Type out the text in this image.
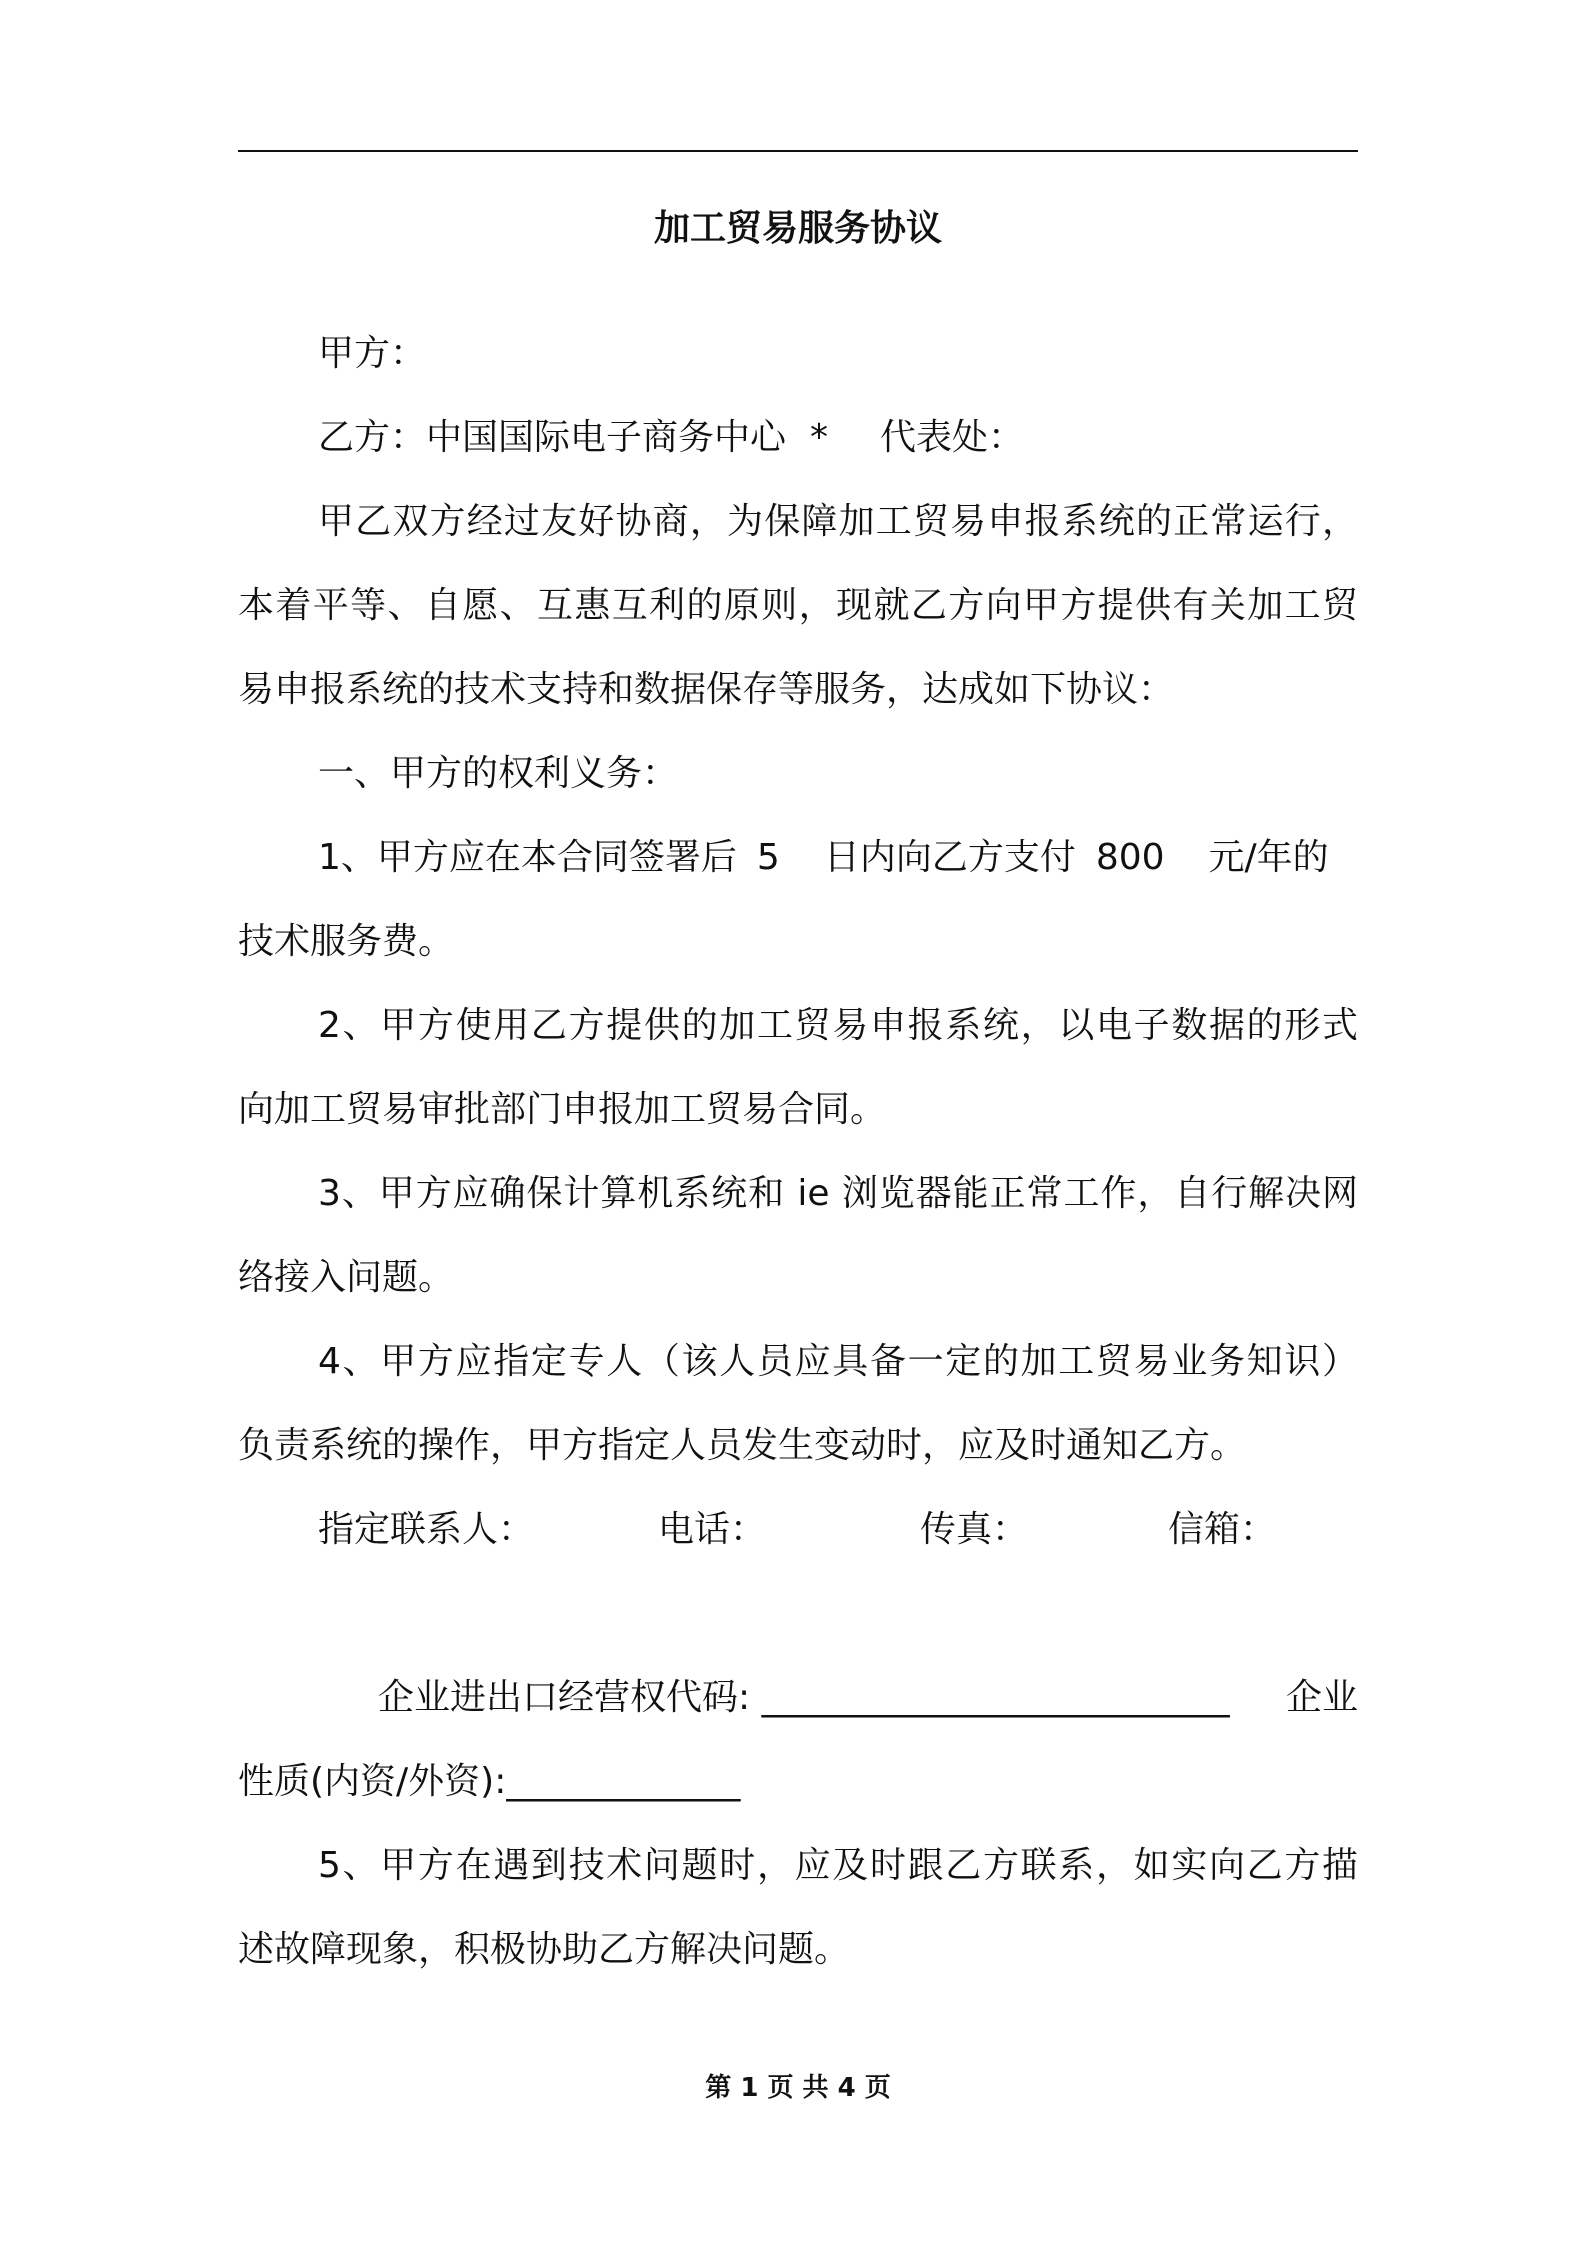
加工贸易服务协议
甲方：
乙方：中国国际电子商务中心 * 代表处：
甲乙双方经过友好协商，为保障加工贸易申报系统的正常运行，
本着平等、自愿、互惠互利的原则，现就乙方向甲方提供有关加工贸
易申报系统的技术支持和数据保存等服务，达成如下协议：
一、甲方的权利义务：
1、甲方应在本合同签署后 5 日内向乙方支付 800 元/年的
技术服务费。
2、甲方使用乙方提供的加工贸易申报系统，以电子数据的形式
向加工贸易审批部门申报加工贸易合同。
3、甲方应确保计算机系统和 ie 浏览器能正常工作，自行解决网
络接入问题。
4、甲方应指定专人（该人员应具备一定的加工贸易业务知识）
负责系统的操作，甲方指定人员发生变动时，应及时通知乙方。
指定联系人：	电话：	传真：	信箱：
企业进出口经营权代码: __________________________ 企业
性质(内资/外资):_____________
5、甲方在遇到技术问题时，应及时跟乙方联系，如实向乙方描
述故障现象，积极协助乙方解决问题。
第 1 页 共 4 页
